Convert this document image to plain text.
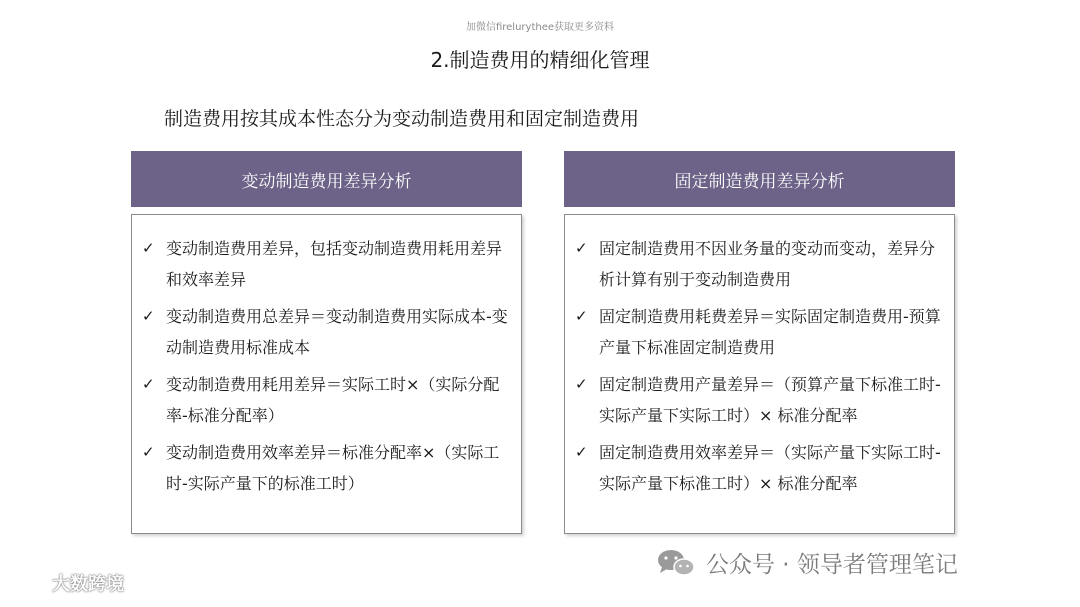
加微信firelurythee获取更多资料
2.制造费用的精细化管理
制造费用按其成本性态分为变动制造费用和固定制造费用
变动制造费用差异分析
✓ 变动制造费用差异，包括变动制造费用耗用差异和效率差异
✓ 变动制造费用总差异＝变动制造费用实际成本-变动制造费用标准成本
✓ 变动制造费用耗用差异＝实际工时×（实际分配率-标准分配率）
✓ 变动制造费用效率差异＝标准分配率×（实际工时-实际产量下的标准工时）
固定制造费用差异分析
✓ 固定制造费用不因业务量的变动而变动，差异分析计算有别于变动制造费用
✓ 固定制造费用耗费差异＝实际固定制造费用-预算产量下标准固定制造费用
✓ 固定制造费用产量差异＝（预算产量下标准工时-实际产量下实际工时）× 标准分配率
✓ 固定制造费用效率差异＝（实际产量下实际工时-实际产量下标准工时）× 标准分配率
大数跨境
公众号 · 领导者管理笔记
